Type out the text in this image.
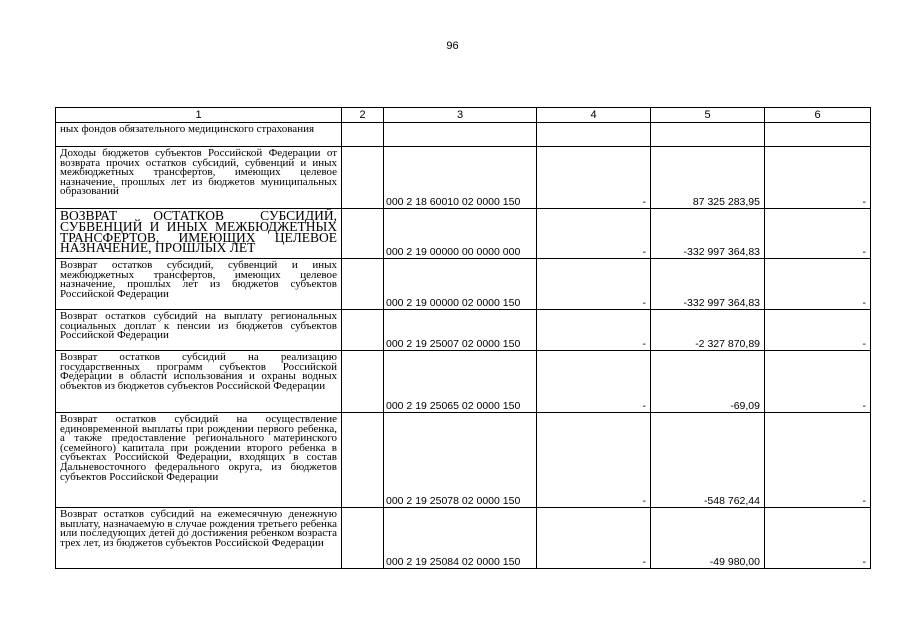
96
1	2	3	4	5	6
ных фондов обязательного медицинского страхования					
Доходы бюджетов субъектов Российской Федерации от возврата прочих остатков субсидий, субвенций и иных межбюджетных трансфертов, имеющих целевое назначение, прошлых лет из бюджетов муниципальных образований		000 2 18 60010 02 0000 150	-	87 325 283,95	-
ВОЗВРАТ ОСТАТКОВ СУБСИДИЙ, СУБВЕНЦИЙ И ИНЫХ МЕЖБЮДЖЕТНЫХ ТРАНСФЕРТОВ, ИМЕЮЩИХ ЦЕЛЕВОЕ НАЗНАЧЕНИЕ, ПРОШЛЫХ ЛЕТ		000 2 19 00000 00 0000 000	-	-332 997 364,83	-
Возврат остатков субсидий, субвенций и иных межбюджетных трансфертов, имеющих целевое назначение, прошлых лет из бюджетов субъектов Российской Федерации		000 2 19 00000 02 0000 150	-	-332 997 364,83	-
Возврат остатков субсидий на выплату региональных социальных доплат к пенсии из бюджетов субъектов Российской Федерации		000 2 19 25007 02 0000 150	-	-2 327 870,89	-
Возврат остатков субсидий на реализацию государственных программ субъектов Российской Федерации в области использования и охраны водных объектов из бюджетов субъектов Российской Федерации		000 2 19 25065 02 0000 150	-	-69,09	-
Возврат остатков субсидий на осуществление единовременной выплаты при рождении первого ребенка, а также предоставление регионального материнского (семейного) капитала при рождении второго ребенка в субъектах Российской Федерации, входящих в состав Дальневосточного федерального округа, из бюджетов субъектов Российской Федерации		000 2 19 25078 02 0000 150	-	-548 762,44	-
Возврат остатков субсидий на ежемесячную денежную выплату, назначаемую в случае рождения третьего ребенка или последующих детей до достижения ребенком возраста трех лет, из бюджетов субъектов Российской Федерации		000 2 19 25084 02 0000 150	-	-49 980,00	-
